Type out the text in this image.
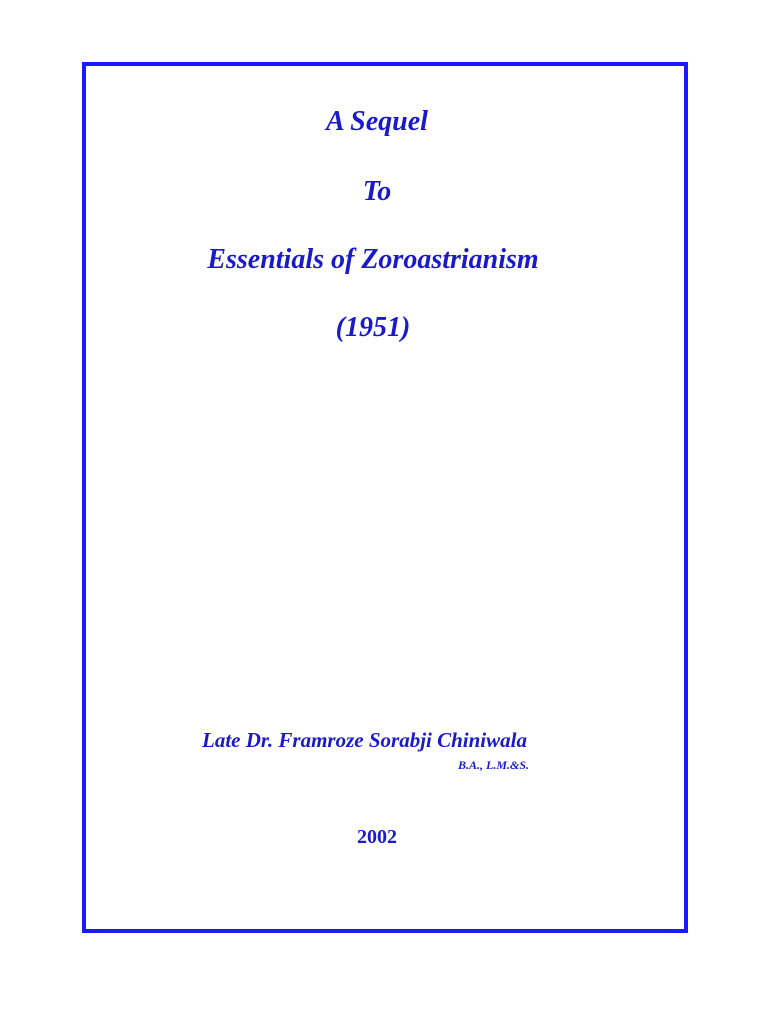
A Sequel
To
Essentials of Zoroastrianism
(1951)
Late Dr. Framroze Sorabji Chiniwala
B.A., L.M.&S.
2002
